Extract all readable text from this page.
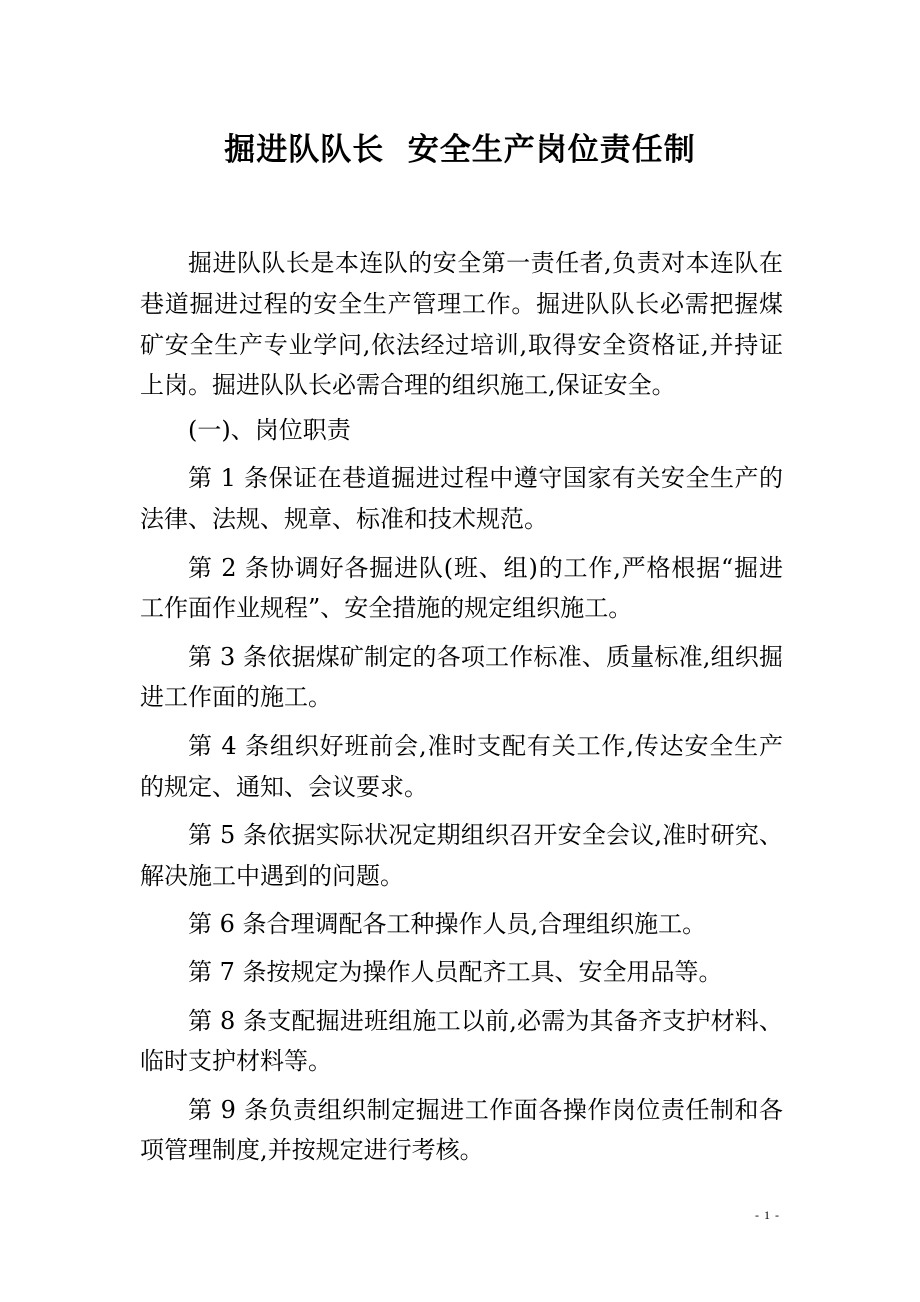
掘进队队长  安全生产岗位责任制

掘进队队长是本连队的安全第一责任者,负责对本连队在巷道掘进过程的安全生产管理工作。掘进队队长必需把握煤矿安全生产专业学问,依法经过培训,取得安全资格证,并持证上岗。掘进队队长必需合理的组织施工,保证安全。

(一)、岗位职责

第 1 条保证在巷道掘进过程中遵守国家有关安全生产的法律、法规、规章、标准和技术规范。

第 2 条协调好各掘进队(班、组)的工作,严格根据“掘进工作面作业规程”、安全措施的规定组织施工。

第 3 条依据煤矿制定的各项工作标准、质量标准,组织掘进工作面的施工。

第 4 条组织好班前会,准时支配有关工作,传达安全生产的规定、通知、会议要求。

第 5 条依据实际状况定期组织召开安全会议,准时研究、解决施工中遇到的问题。

第 6 条合理调配各工种操作人员,合理组织施工。

第 7 条按规定为操作人员配齐工具、安全用品等。

第 8 条支配掘进班组施工以前,必需为其备齐支护材料、临时支护材料等。

第 9 条负责组织制定掘进工作面各操作岗位责任制和各项管理制度,并按规定进行考核。

- 1 -
